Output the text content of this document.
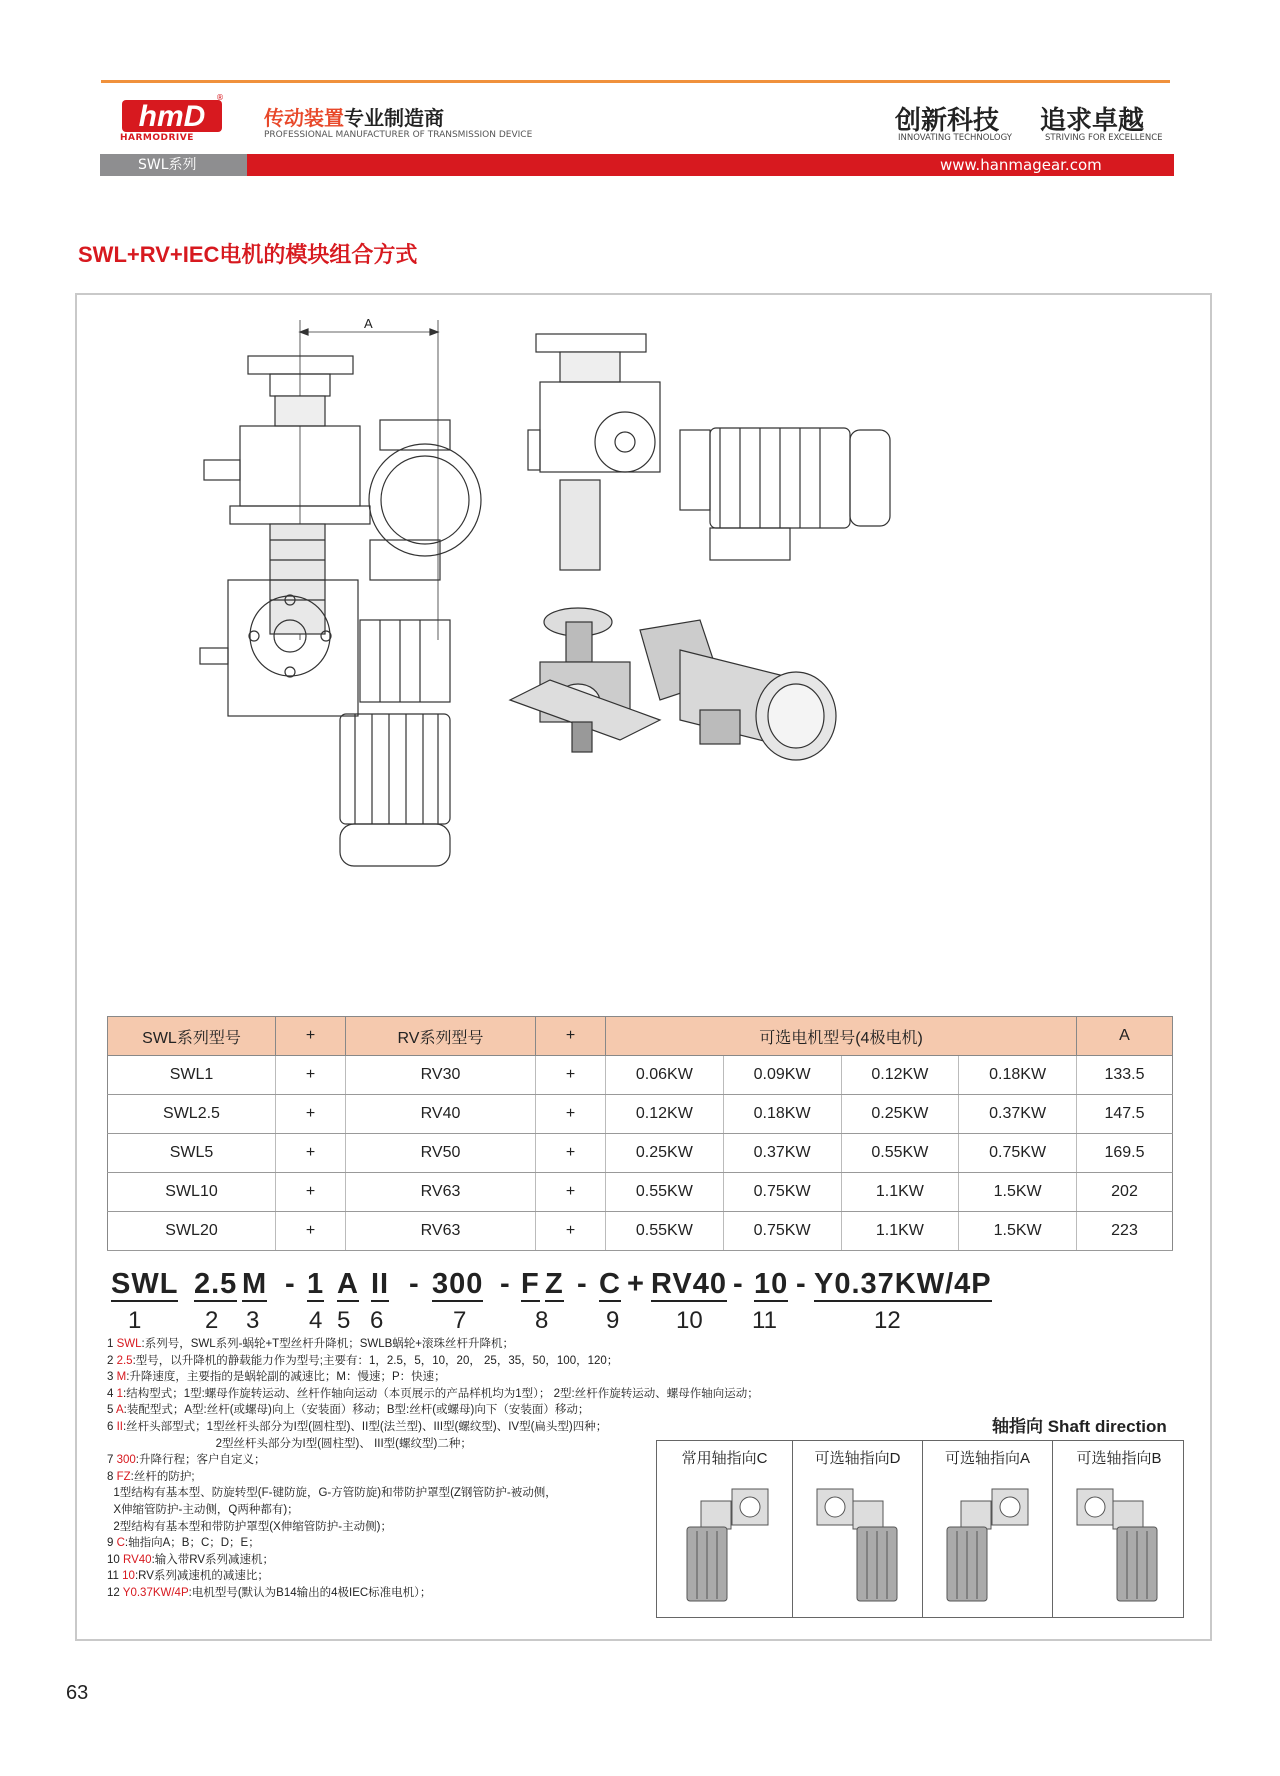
hmD
®
HARMODRIVE
传动装置专业制造商
PROFESSIONAL MANUFACTURER OF TRANSMISSION DEVICE	创新科技 追求卓越
INNOVATING TECHNOLOGY	STRIVING FOR EXCELLENCE
SWL系列	www.hanmagear.com
SWL+RV+IEC电机的模块组合方式
A
SWL系列型号	+	RV系列型号	+	可选电机型号(4极电机)				A
SWL1	+	RV30	+	0.06KW	0.09KW	0.12KW	0.18KW	133.5
SWL2.5	+	RV40	+	0.12KW	0.18KW	0.25KW	0.37KW	147.5
SWL5	+	RV50	+	0.25KW	0.37KW	0.55KW	0.75KW	169.5
SWL10	+	RV63	+	0.55KW	0.75KW	1.1KW	1.5KW	202
SWL20	+	RV63	+	0.55KW	0.75KW	1.1KW	1.5KW	223
SWL 2.5 M - 1 A II - 300 - F Z - C + RV40 - 10 - Y0.37KW/4P
1	2 3 4 5 6	7	8 9 10 11	12
1 SWL:系列号，SWL系列-蜗轮+T型丝杆升降机；SWLB蜗轮+滚珠丝杆升降机；
2 2.5:型号，以升降机的静载能力作为型号;主要有：1，2.5，5，10，20， 25，35，50，100，120；
3 M:升降速度，主要指的是蜗轮副的减速比；M：慢速；P：快速；
4 1:结构型式；1型:螺母作旋转运动、丝杆作轴向运动（本页展示的产品样机均为1型）； 2型:丝杆作旋转运动、螺母作轴向运动；
5 A:装配型式；A型:丝杆(或螺母)向上（安装面）移动；B型:丝杆(或螺母)向下（安装面）移动；
6 II:丝杆头部型式；1型丝杆头部分为I型(圆柱型)、II型(法兰型)、III型(螺纹型)、IV型(扁头型)四种；
2型丝杆头部分为I型(圆柱型)、 III型(螺纹型)二种；
7 300:升降行程；客户自定义；
8 FZ:丝杆的防护;
1型结构有基本型、防旋转型(F-键防旋，G-方管防旋)和带防护罩型(Z钢管防护-被动侧，
X伸缩管防护-主动侧，Q两种都有)；
2型结构有基本型和带防护罩型(X伸缩管防护-主动侧)；
9 C:轴指向A；B；C；D；E；
10 RV40:输入带RV系列减速机；
11 10:RV系列减速机的减速比；
12 Y0.37KW/4P:电机型号(默认为B14输出的4极IEC标准电机）；
轴指向 Shaft direction
常用轴指向C	可选轴指向D	可选轴指向A	可选轴指向B
63
